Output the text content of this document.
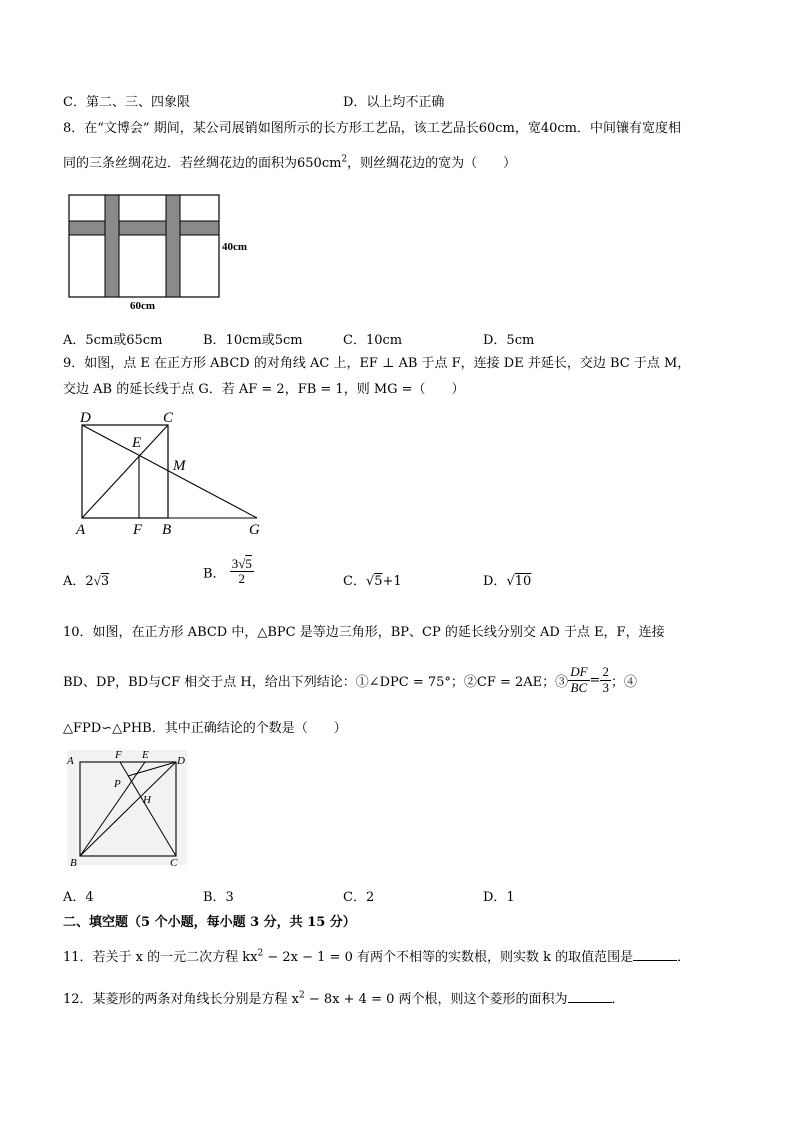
C．第二、三、四象限	D．以上均不正确
8．在“文博会” 期间，某公司展销如图所示的长方形工艺品，该工艺品长60cm，宽40cm．中间镶有宽度相
同的三条丝绸花边．若丝绸花边的面积为$650cm^2$，则丝绸花边的宽为（　　）
40cm
60cm
A．5cm或65cm	B．10cm或5cm	C．10cm	D．5cm
9．如图，点 E 在正方形 ABCD 的对角线 AC 上，EF ⊥ AB 于点 F，连接 DE 并延长，交边 BC 于点 M，
交边 AB 的延长线于点 G．若 AF = 2，FB = 1，则 MG =（　　）
D	C
E
M
A	F B	G
A．2√3
B． $\frac{3√5}{2}$	C．√5+1	D．√10
10．如图，在正方形 ABCD 中，△BPC 是等边三角形，BP、CP 的延长线分别交 AD 于点 E，F，连接
BD、DP，BD与CF 相交于点 H，给出下列结论：①∠DPC = 75°；②CF = 2AE；③ $\frac{DF}{BC} = \frac{2}{3}$ ；④
△FPD∽△PHB．其中正确结论的个数是（　　）
A	F E	D
P
H
B	C
A．4	B．3	C．2	D．1
二、填空题（5 个小题，每小题 3 分，共 15 分）
11．若关于 x 的一元二次方程 $kx^2 - 2x - 1 = 0$ 有两个不相等的实数根，则实数 k 的取值范围是	．
12．某菱形的两条对角线长分别是方程 $x^2 - 8x + 4 = 0$ 两个根，则这个菱形的面积为	．
